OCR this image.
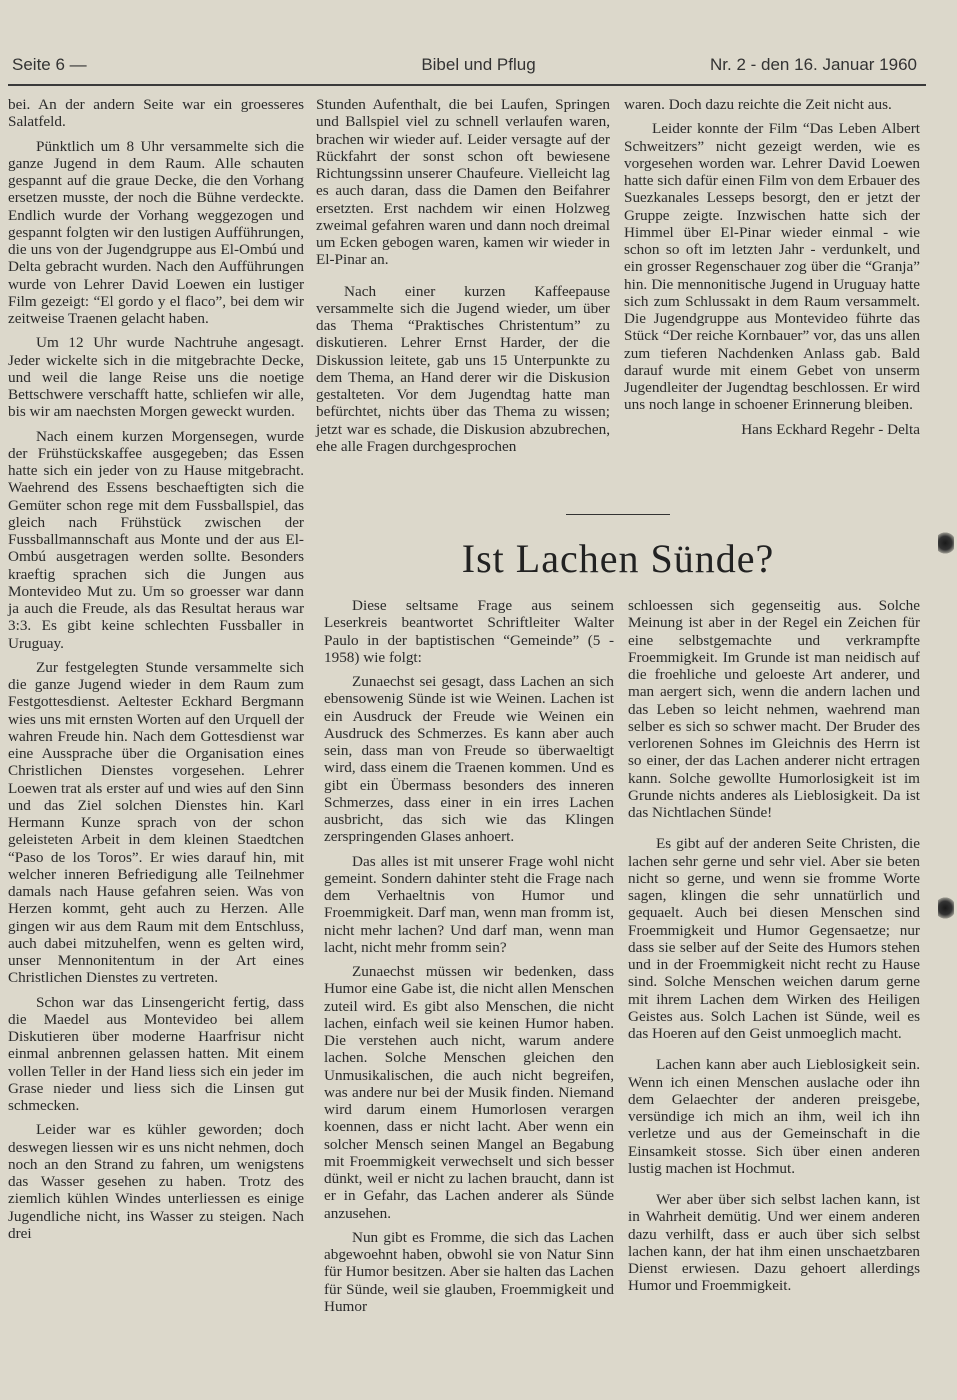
Seite 6 —	Bibel und Pflug	Nr. 2 - den 16. Januar 1960

bei. An der andern Seite war ein groesseres Salatfeld.

Pünktlich um 8 Uhr versammelte sich die ganze Jugend in dem Raum. Alle schauten gespannt auf die graue Decke, die den Vorhang ersetzen musste, der noch die Bühne verdeckte. Endlich wurde der Vorhang weggezogen und gespannt folgten wir den lustigen Aufführungen, die uns von der Jugendgruppe aus El-Ombú und Delta gebracht wurden. Nach den Aufführungen wurde von Lehrer David Loewen ein lustiger Film gezeigt: “El gordo y el flaco”, bei dem wir zeitweise Traenen gelacht haben.

Um 12 Uhr wurde Nachtruhe angesagt. Jeder wickelte sich in die mitgebrachte Decke, und weil die lange Reise uns die noetige Bettschwere verschafft hatte, schliefen wir alle, bis wir am naechsten Morgen geweckt wurden.

Nach einem kurzen Morgensegen, wurde der Frühstückskaffee ausgegeben; das Essen hatte sich ein jeder von zu Hause mitgebracht. Waehrend des Essens beschaeftigten sich die Gemüter schon rege mit dem Fussballspiel, das gleich nach Frühstück zwischen der Fussballmannschaft aus Monte und der aus El-Ombú ausgetragen werden sollte. Besonders kraeftig sprachen sich die Jungen aus Montevideo Mut zu. Um so groesser war dann ja auch die Freude, als das Resultat heraus war 3:3. Es gibt keine schlechten Fussballer in Uruguay.

Zur festgelegten Stunde versammelte sich die ganze Jugend wieder in dem Raum zum Festgottesdienst. Aeltester Eckhard Bergmann wies uns mit ernsten Worten auf den Urquell der wahren Freude hin. Nach dem Gottesdienst war eine Aussprache über die Organisation eines Christlichen Dienstes vorgesehen. Lehrer Loewen trat als erster auf und wies auf den Sinn und das Ziel solchen Dienstes hin. Karl Hermann Kunze sprach von der schon geleisteten Arbeit in dem kleinen Staedtchen “Paso de los Toros”. Er wies darauf hin, mit welcher inneren Befriedigung alle Teilnehmer damals nach Hause gefahren seien. Was von Herzen kommt, geht auch zu Herzen. Alle gingen wir aus dem Raum mit dem Entschluss, auch dabei mitzuhelfen, wenn es gelten wird, unser Mennonitentum in der Art eines Christlichen Dienstes zu vertreten.

Schon war das Linsengericht fertig, dass die Maedel aus Montevideo bei allem Diskutieren über moderne Haarfrisur nicht einmal anbrennen gelassen hatten. Mit einem vollen Teller in der Hand liess sich ein jeder im Grase nieder und liess sich die Linsen gut schmecken.

Leider war es kühler geworden; doch deswegen liessen wir es uns nicht nehmen, doch noch an den Strand zu fahren, um wenigstens das Wasser gesehen zu haben. Trotz des ziemlich kühlen Windes unterliessen es einige Jugendliche nicht, ins Wasser zu steigen. Nach drei

Stunden Aufenthalt, die bei Laufen, Springen und Ballspiel viel zu schnell verlaufen waren, brachen wir wieder auf. Leider versagte auf der Rückfahrt der sonst schon oft bewiesene Richtungssinn unserer Chaufeure. Vielleicht lag es auch daran, dass die Damen den Beifahrer ersetzten. Erst nachdem wir einen Holzweg zweimal gefahren waren und dann noch dreimal um Ecken gebogen waren, kamen wir wieder in El-Pinar an.

Nach einer kurzen Kaffeepause versammelte sich die Jugend wieder, um über das Thema “Praktisches Christentum” zu diskutieren. Lehrer Ernst Harder, der die Diskussion leitete, gab uns 15 Unterpunkte zu dem Thema, an Hand derer wir die Diskusion gestalteten. Vor dem Jugendtag hatte man befürchtet, nichts über das Thema zu wissen; jetzt war es schade, die Diskusion abzubrechen, ehe alle Fragen durchgesprochen

waren. Doch dazu reichte die Zeit nicht aus.

Leider konnte der Film “Das Leben Albert Schweitzers” nicht gezeigt werden, wie es vorgesehen worden war. Lehrer David Loewen hatte sich dafür einen Film von dem Erbauer des Suezkanales Lesseps besorgt, den er jetzt der Gruppe zeigte. Inzwischen hatte sich der Himmel über El-Pinar wieder einmal - wie schon so oft im letzten Jahr - verdunkelt, und ein grosser Regenschauer zog über die “Granja” hin. Die mennonitische Jugend in Uruguay hatte sich zum Schlussakt in dem Raum versammelt. Die Jugendgruppe aus Montevideo führte das Stück “Der reiche Kornbauer” vor, das uns allen zum tieferen Nachdenken Anlass gab. Bald darauf wurde mit einem Gebet von unserm Jugendleiter der Jugendtag beschlossen. Er wird uns noch lange in schoener Erinnerung bleiben.

Hans Eckhard Regehr - Delta

Ist Lachen Sünde?

Diese seltsame Frage aus seinem Leserkreis beantwortet Schriftleiter Walter Paulo in der baptistischen “Gemeinde” (5 - 1958) wie folgt:

Zunaechst sei gesagt, dass Lachen an sich ebensowenig Sünde ist wie Weinen. Lachen ist ein Ausdruck der Freude wie Weinen ein Ausdruck des Schmerzes. Es kann aber auch sein, dass man von Freude so überwaeltigt wird, dass einem die Traenen kommen. Und es gibt ein Übermass besonders des inneren Schmerzes, dass einer in ein irres Lachen ausbricht, das sich wie das Klingen zerspringenden Glases anhoert.

Das alles ist mit unserer Frage wohl nicht gemeint. Sondern dahinter steht die Frage nach dem Verhaeltnis von Humor und Froemmigkeit. Darf man, wenn man fromm ist, nicht mehr lachen? Und darf man, wenn man lacht, nicht mehr fromm sein?

Zunaechst müssen wir bedenken, dass Humor eine Gabe ist, die nicht allen Menschen zuteil wird. Es gibt also Menschen, die nicht lachen, einfach weil sie keinen Humor haben. Die verstehen auch nicht, warum andere lachen. Solche Menschen gleichen den Unmusikalischen, die auch nicht begreifen, was andere nur bei der Musik finden. Niemand wird darum einem Humorlosen verargen koennen, dass er nicht lacht. Aber wenn ein solcher Mensch seinen Mangel an Begabung mit Froemmigkeit verwechselt und sich besser dünkt, weil er nicht zu lachen braucht, dann ist er in Gefahr, das Lachen anderer als Sünde anzusehen.

Nun gibt es Fromme, die sich das Lachen abgewoehnt haben, obwohl sie von Natur Sinn für Humor besitzen. Aber sie halten das Lachen für Sünde, weil sie glauben, Froemmigkeit und Humor

schloessen sich gegenseitig aus. Solche Meinung ist aber in der Regel ein Zeichen für eine selbstgemachte und verkrampfte Froemmigkeit. Im Grunde ist man neidisch auf die froehliche und geloeste Art anderer, und man aergert sich, wenn die andern lachen und das Leben so leicht nehmen, waehrend man selber es sich so schwer macht. Der Bruder des verlorenen Sohnes im Gleichnis des Herrn ist so einer, der das Lachen anderer nicht ertragen kann. Solche gewollte Humorlosigkeit ist im Grunde nichts anderes als Lieblosigkeit. Da ist das Nichtlachen Sünde!

Es gibt auf der anderen Seite Christen, die lachen sehr gerne und sehr viel. Aber sie beten nicht so gerne, und wenn sie fromme Worte sagen, klingen die sehr unnatürlich und gequaelt. Auch bei diesen Menschen sind Froemmigkeit und Humor Gegensaetze; nur dass sie selber auf der Seite des Humors stehen und in der Froemmigkeit nicht recht zu Hause sind. Solche Menschen weichen darum gerne mit ihrem Lachen dem Wirken des Heiligen Geistes aus. Solch Lachen ist Sünde, weil es das Hoeren auf den Geist unmoeglich macht.

Lachen kann aber auch Lieblosigkeit sein. Wenn ich einen Menschen auslache oder ihn dem Gelaechter der anderen preisgebe, versündige ich mich an ihm, weil ich ihn verletze und aus der Gemeinschaft in die Einsamkeit stosse. Sich über einen anderen lustig machen ist Hochmut.

Wer aber über sich selbst lachen kann, ist in Wahrheit demütig. Und wer einem anderen dazu verhilft, dass er auch über sich selbst lachen kann, der hat ihm einen unschaetzbaren Dienst erwiesen. Dazu gehoert allerdings Humor und Froemmigkeit.
